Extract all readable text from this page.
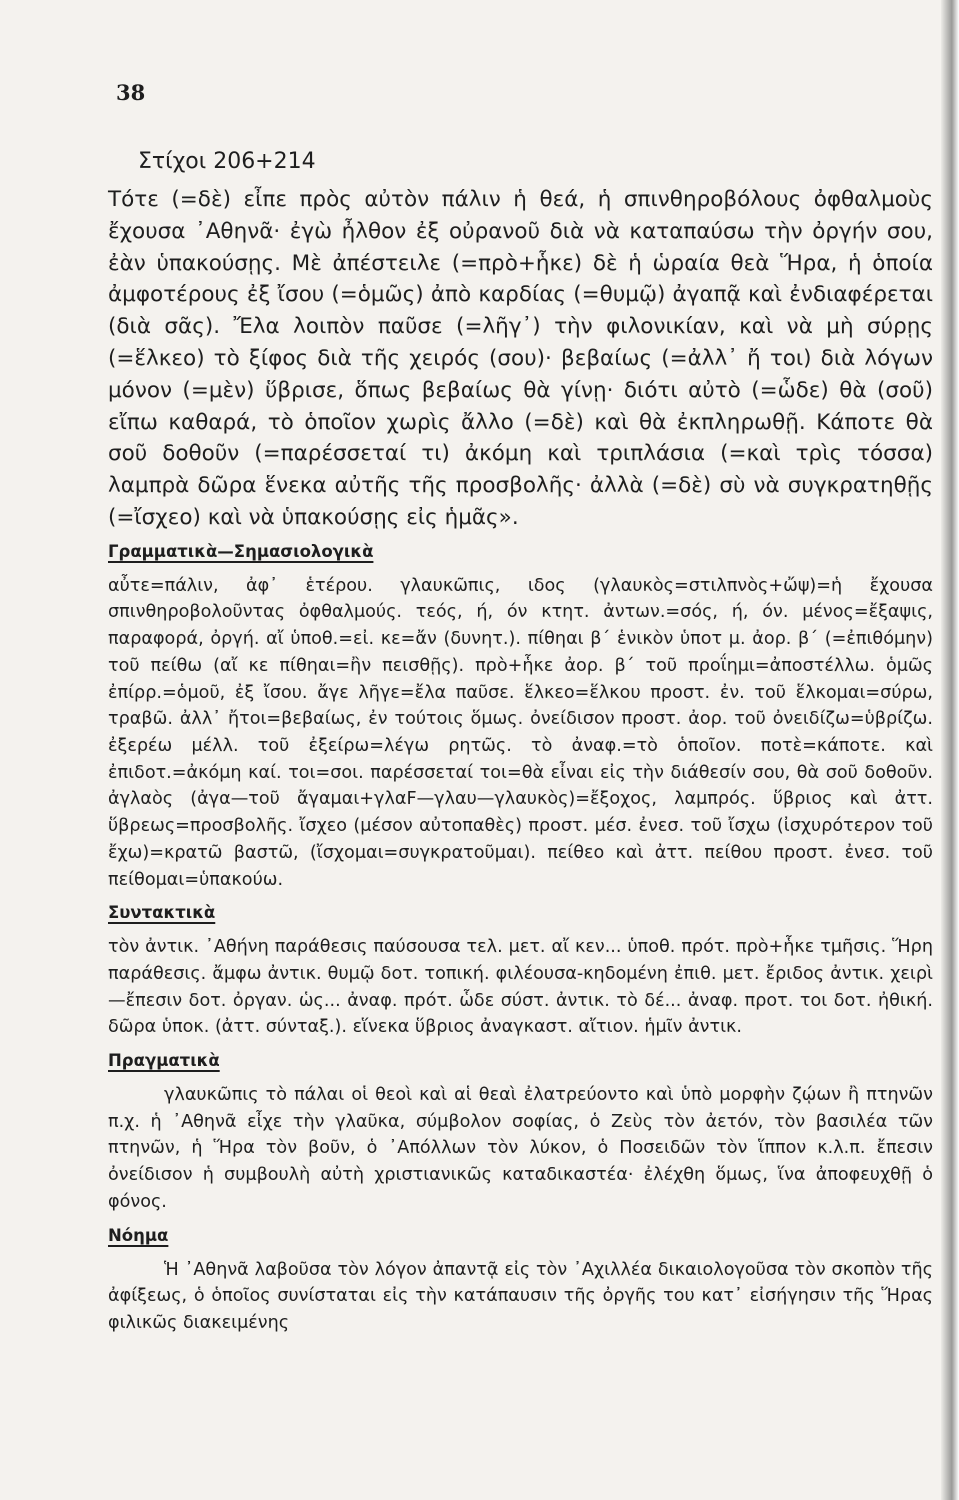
38
Στίχοι 206+214

Τότε (=δὲ) εἶπε πρὸς αὐτὸν πάλιν ἡ θεά, ἡ σπινθηροβόλους ὀφθαλμοὺς ἔχουσα ᾿Αθηνᾶ· ἐγὼ ἦλθον ἐξ οὐρανοῦ διὰ νὰ καταπαύσω τὴν ὀργήν σου, ἐὰν ὑπακούσῃς. Μὲ ἀπέστειλε (=πρὸ+ἧκε) δὲ ἡ ὡραία θεὰ Ἥρα, ἡ ὁποία ἀμφοτέρους ἐξ ἴσου (=ὁμῶς) ἀπὸ καρδίας (=θυμῷ) ἀγαπᾷ καὶ ἐνδιαφέρεται (διὰ σᾶς). Ἔλα λοιπὸν παῦσε (=λῆγ᾿) τὴν φιλονικίαν, καὶ νὰ μὴ σύρῃς (=ἕλκεο) τὸ ξίφος διὰ τῆς χειρός (σου)· βεβαίως (=ἀλλ᾿ ἤ τοι) διὰ λόγων μόνον (=μὲν) ὕβρισε, ὅπως βεβαίως θὰ γίνῃ· διότι αὐτὸ (=ὧδε) θὰ (σοῦ) εἴπω καθαρά, τὸ ὁποῖον χωρὶς ἄλλο (=δὲ) καὶ θὰ ἐκπληρωθῇ. Κάποτε θὰ σοῦ δοθοῦν (=παρέσσεταί τι) ἀκόμη καὶ τριπλάσια (=καὶ τρὶς τόσσα) λαμπρὰ δῶρα ἕνεκα αὐτῆς τῆς προσβολῆς· ἀλλὰ (=δὲ) σὺ νὰ συγκρατηθῇς (=ἴσχεο) καὶ νὰ ὑπακούσῃς εἰς ἡμᾶς».

Γραμματικὰ—Σημασιολογικὰ

αὖτε=πάλιν, ἀφ᾿ ἑτέρου. γλαυκῶπις, ιδος (γλαυκὸς=στιλπνὸς+ὤψ)=ἡ ἔχουσα σπινθηροβολοῦντας ὀφθαλμούς. τεός, ή, όν κτητ. ἀντων.=σός, ή, όν. μένος=ἔξαψις, παραφορά, ὀργή. αἴ ὑποθ.=εἰ. κε=ἄν (δυνητ.). πίθηαι β΄ ἑνικὸν ὑποτ μ. ἀορ. β΄ (=ἐπιθόμην) τοῦ πείθω (αἴ κε πίθηαι=ἢν πεισθῇς). πρὸ+ἧκε ἀορ. β΄ τοῦ προΐημι=ἀποστέλλω. ὁμῶς ἐπίρρ.=ὁμοῦ, ἐξ ἴσου. ἄγε λῆγε=ἔλα παῦσε. ἕλκεο=ἕλκου προστ. ἐν. τοῦ ἕλκομαι=σύρω, τραβῶ. ἀλλ᾿ ἤτοι=βεβαίως, ἐν τούτοις ὅμως. ὀνείδισον προστ. ἀορ. τοῦ ὀνειδίζω=ὑβρίζω. ἐξερέω μέλλ. τοῦ ἐξείρω=λέγω ρητῶς. τὸ ἀναφ.=τὸ ὁποῖον. ποτὲ=κάποτε. καὶ ἐπιδοτ.=ἀκόμη καί. τοι=σοι. παρέσσεταί τοι=θὰ εἶναι εἰς τὴν διάθεσίν σου, θὰ σοῦ δοθοῦν. ἀγλαὸς (ἀγα—τοῦ ἄγαμαι+γλαϜ—γλαυ—γλαυκὸς)=ἔξοχος, λαμπρός. ὕβριος καὶ ἀττ. ὕβρεως=προσβολῆς. ἴσχεο (μέσον αὐτοπαθὲς) προστ. μέσ. ἐνεσ. τοῦ ἴσχω (ἰσχυρότερον τοῦ ἔχω)=κρατῶ βαστῶ, (ἴσχομαι=συγκρατοῦμαι). πείθεο καὶ ἀττ. πείθου προστ. ἐνεσ. τοῦ πείθομαι=ὑπακούω.

Συντακτικὰ

τὸν ἀντικ. ᾿Αθήνη παράθεσις παύσουσα τελ. μετ. αἴ κεν... ὑποθ. πρότ. πρὸ+ἧκε τμῆσις. Ἥρη παράθεσις. ἄμφω ἀντικ. θυμῷ δοτ. τοπική. φιλέουσα-κηδομένη ἐπιθ. μετ. ἔριδος ἀντικ. χειρὶ—ἔπεσιν δοτ. ὀργαν. ὡς... ἀναφ. πρότ. ὧδε σύστ. ἀντικ. τὸ δέ... ἀναφ. προτ. τοι δοτ. ἠθική. δῶρα ὑποκ. (ἀττ. σύνταξ.). εἵνεκα ὕβριος ἀναγκαστ. αἴτιον. ἡμῖν ἀντικ.

Πραγματικὰ

γλαυκῶπις τὸ πάλαι οἱ θεοὶ καὶ αἱ θεαὶ ἐλατρεύοντο καὶ ὑπὸ μορφὴν ζῴων ἢ πτηνῶν π.χ. ἡ ᾿Αθηνᾶ εἶχε τὴν γλαῦκα, σύμβολον σοφίας, ὁ Ζεὺς τὸν ἀετόν, τὸν βασιλέα τῶν πτηνῶν, ἡ Ἥρα τὸν βοῦν, ὁ ᾿Απόλλων τὸν λύκον, ὁ Ποσειδῶν τὸν ἵππον κ.λ.π. ἔπεσιν ὀνείδισον ἡ συμβουλὴ αὐτὴ χριστιανικῶς καταδικαστέα· ἐλέχθη ὅμως, ἵνα ἀποφευχθῇ ὁ φόνος.

Νόημα

Ἡ ᾿Αθηνᾶ λαβοῦσα τὸν λόγον ἀπαντᾷ εἰς τὸν ᾿Αχιλλέα δικαιολογοῦσα τὸν σκοπὸν τῆς ἀφίξεως, ὁ ὁποῖος συνίσταται εἰς τὴν κατάπαυσιν τῆς ὀργῆς του κατ᾿ εἰσήγησιν τῆς Ἥρας φιλικῶς διακειμένης
